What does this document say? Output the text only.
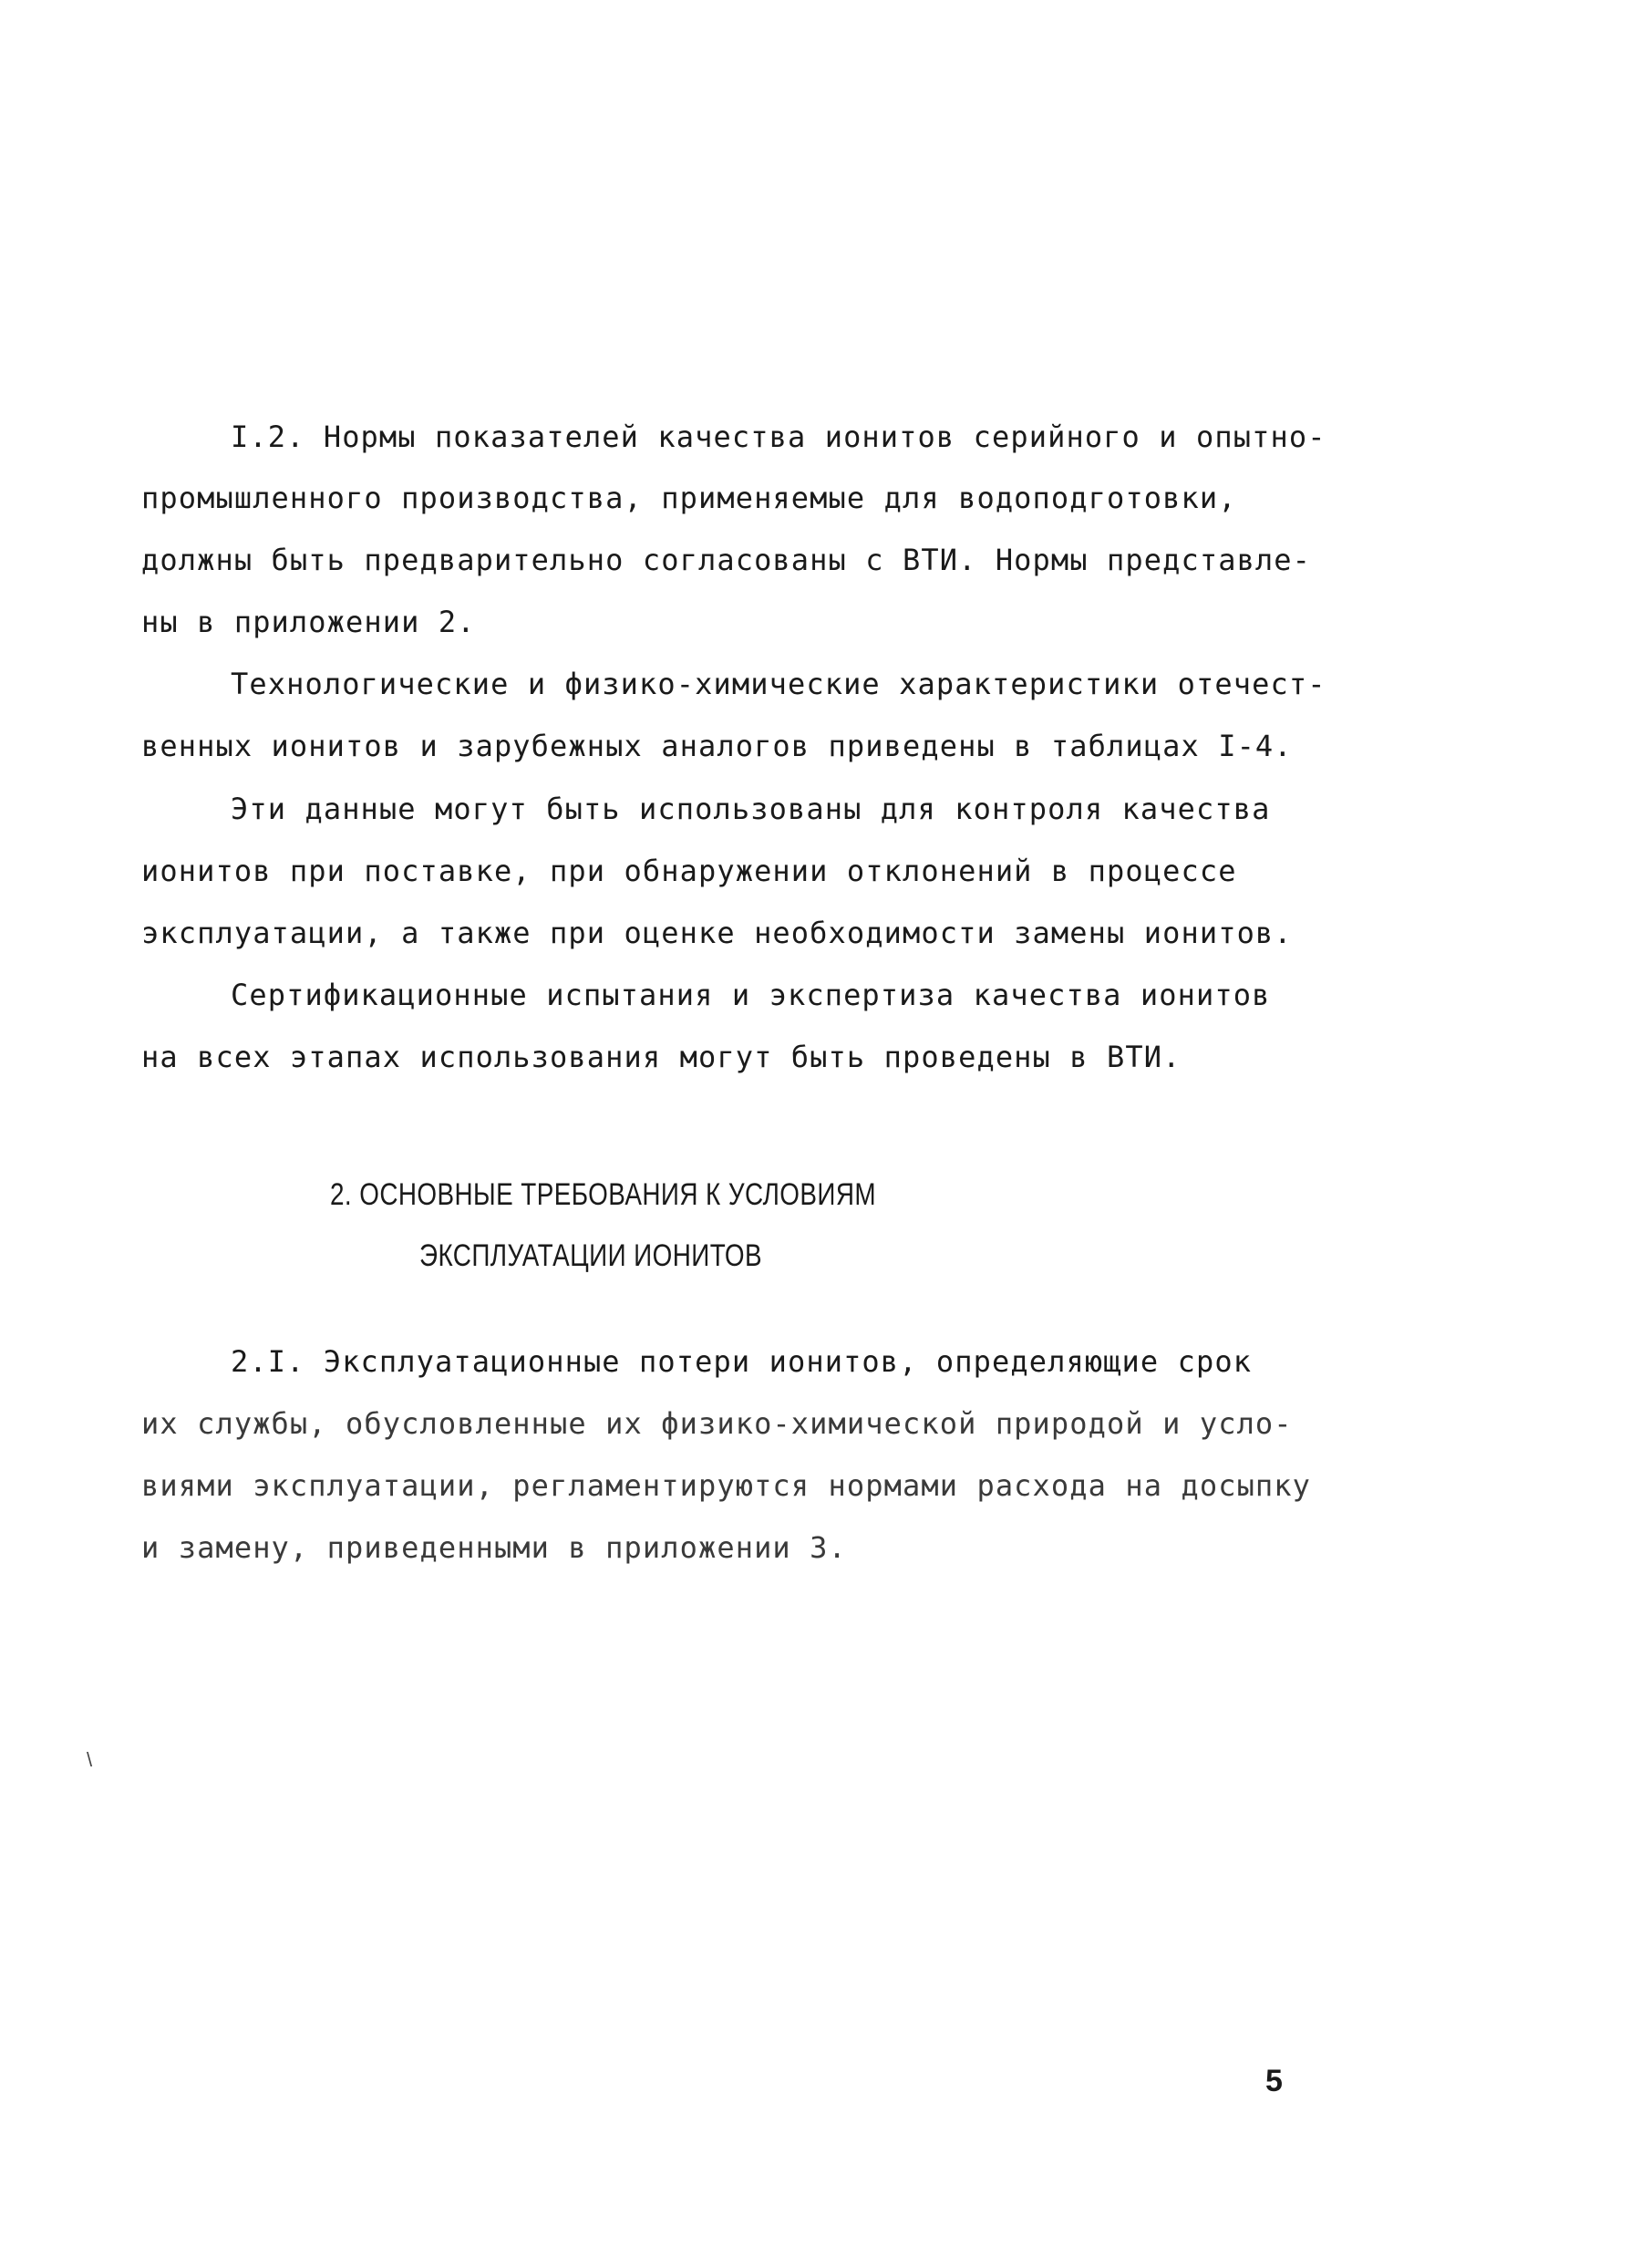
I.2. Нормы показателей качества ионитов серийного и опытно-

промышленного производства, применяемые для водоподготовки,

должны быть предварительно согласованы с ВТИ. Нормы представле-

ны в приложении 2.

Технологические и физико-химические характеристики отечест-

венных ионитов и зарубежных аналогов приведены в таблицах I-4.

Эти данные могут быть использованы для контроля качества

ионитов при поставке, при обнаружении отклонений в процессе

эксплуатации, а также при оценке необходимости замены ионитов.

Сертификационные испытания и экспертиза качества ионитов

на всех этапах использования могут быть проведены в ВТИ.

2. ОСНОВНЫЕ ТРЕБОВАНИЯ К УСЛОВИЯМ

ЭКСПЛУАТАЦИИ ИОНИТОВ

2.I. Эксплуатационные потери ионитов, определяющие срок

их службы, обусловленные их физико-химической природой и усло-

виями эксплуатации, регламентируются нормами расхода на досыпку

и замену, приведенными в приложении 3.

\
5
